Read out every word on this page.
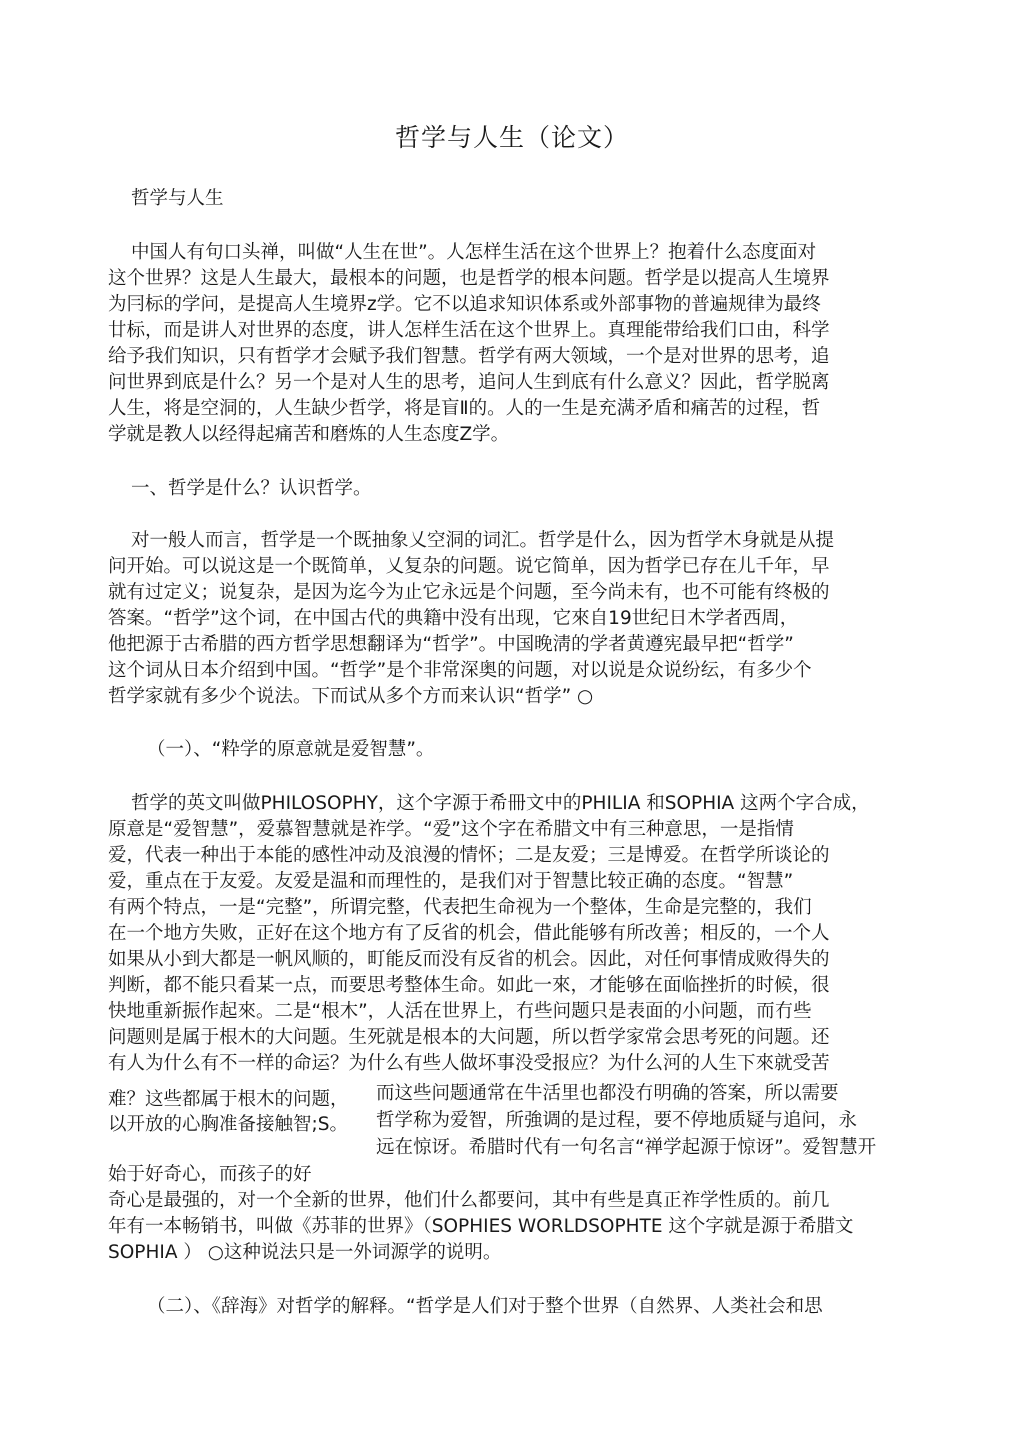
哲学与人生（论文）
哲学与人生
中国人有句口头禅，叫做“人生在世”。人怎样生活在这个世界上？抱着什么态度面对
这个世界？这是人生最大，最根本的问题，也是哲学的根本问题。哲学是以提高人生境界
为冃标的学问，是提高人生境界z学。它不以追求知识体系或外部事物的普遍规律为最终
廿标，而是讲人对世界的态度，讲人怎样生活在这个世界上。真理能带给我们口由，科学
给予我们知识，只有哲学才会赋予我们智慧。哲学有两大领域，一个是对世界的思考，追
问世界到底是什么？另一个是对人生的思考，追问人生到底有什么意义？因此，哲学脱离
人生，将是空洞的，人生缺少哲学，将是盲Ⅱ的。人的一生是充满矛盾和痛苦的过程，哲
学就是教人以经得起痛苦和磨炼的人生态度Z学。
一、哲学是什么？认识哲学。
对一般人而言，哲学是一个既抽象乂空洞的词汇。哲学是什么，因为哲学木身就是从提
问开始。可以说这是一个既简单，乂复杂的问题。说它简单，因为哲学已存在儿千年，早
就有过定义；说复杂，是因为迄今为止它永远是个问题，至今尚未有，也不可能有终极的
答案。“哲学”这个词，在中国古代的典籍中没有出现，它來自19世纪日木学者西周，
他把源于古希腊的西方哲学思想翻译为“哲学”。中国晚淸的学者黄遵宪最早把“哲学”
这个词从日本介绍到中国。“哲学”是个非常深奥的问题，对以说是众说纷纭，有多少个
哲学家就有多少个说法。下而试从多个方而来认识“哲学” ○
（一）、“粋学的原意就是爱智慧”。
哲学的英文叫做PHILOSOPHY，这个字源于希冊文中的PHILIA 和SOPHIA 这两个字合成，
原意是“爱智慧”，爱慕智慧就是祚学。“爱”这个字在希腊文中有三种意思，一是指情
爱，代表一种出于本能的感性冲动及浪漫的情怀；二是友爱；三是博爱。在哲学所谈论的
爱，重点在于友爱。友爱是温和而理性的，是我们对于智慧比较正确的态度。“智慧”
有两个特点，一是“完整”，所谓完整，代表把生命视为一个整体，生命是完整的，我们
在一个地方失败，正好在这个地方有了反省的机会，借此能够有所改善；相反的，一个人
如果从小到大都是一帆风顺的，町能反而没有反省的机会。因此，对任何事情成败得失的
判断，都不能只看某一点，而要思考整体生命。如此一來，才能够在面临挫折的时候，很
快地重新振作起來。二是“根木”，人活在世界上，冇些问题只是表面的小问题，而冇些
问题则是属于根木的大问题。生死就是根本的大问题，所以哲学家常会思考死的问题。还
有人为什么有不一样的命运？为什么有些人做坏事没受报应？为什么河的人生下來就受苦
难？这些都属于根木的问题， 而这些问题通常在牛活里也都没冇明确的答案，所以需要
以开放的心胸准备接触智;S。 哲学称为爱智，所強调的是过程，要不停地质疑与追问，永
远在惊讶。希腊时代有一句名言“禅学起源于惊讶”。爱智慧开
始于好奇心，而孩子的好
奇心是最强的，对一个全新的世界，他们什么都要问，其中有些是真正祚学性质的。前几
年有一本畅销书，叫做《苏菲的世界》（SOPHIES WORLDSOPHTE 这个字就是源于希腊文
SOPHIA ） ○这种说法只是一外词源学的说明。
（二）、《辞海》对哲学的解释。“哲学是人们对于整个世界（自然界、人类社会和思
